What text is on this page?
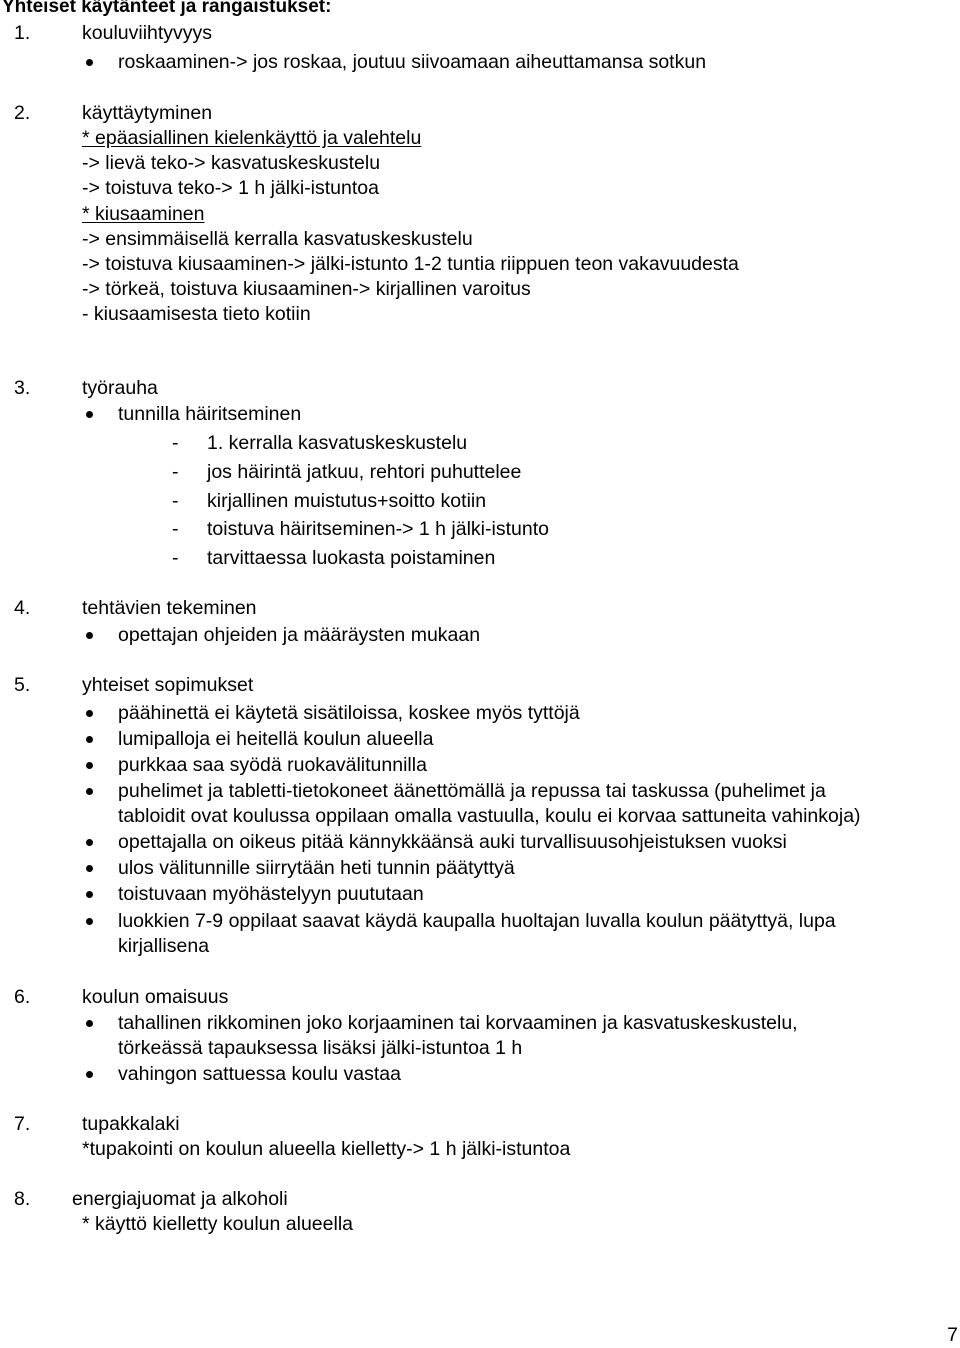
Yhteiset käytänteet ja rangaistukset:
1.	kouluviihtyvyys
roskaaminen-> jos roskaa, joutuu siivoamaan aiheuttamansa sotkun
2.	käyttäytyminen
* epäasiallinen kielenkäyttö ja valehtelu
-> lievä teko-> kasvatuskeskustelu
-> toistuva teko-> 1 h jälki-istuntoa
* kiusaaminen
-> ensimmäisellä kerralla kasvatuskeskustelu
-> toistuva kiusaaminen-> jälki-istunto 1-2 tuntia riippuen teon vakavuudesta
-> törkeä, toistuva kiusaaminen-> kirjallinen varoitus
- kiusaamisesta tieto kotiin
3.	työrauha
tunnilla häiritseminen
- 1. kerralla kasvatuskeskustelu
- jos häirintä jatkuu, rehtori puhuttelee
- kirjallinen muistutus+soitto kotiin
- toistuva häiritseminen-> 1 h jälki-istunto
- tarvittaessa luokasta poistaminen
4.	tehtävien tekeminen
opettajan ohjeiden ja määräysten mukaan
5.	yhteiset sopimukset
päähinettä ei käytetä sisätiloissa, koskee myös tyttöjä
lumipalloja ei heitellä koulun alueella
purkkaa saa syödä ruokavälitunnilla
puhelimet ja tabletti-tietokoneet äänettömällä ja repussa tai taskussa (puhelimet ja
tabloidit ovat koulussa oppilaan omalla vastuulla, koulu ei korvaa sattuneita vahinkoja)
opettajalla on oikeus pitää kännykkäänsä auki turvallisuusohjeistuksen vuoksi
ulos välitunnille siirrytään heti tunnin päätyttyä
toistuvaan myöhästelyyn puututaan
luokkien 7-9 oppilaat saavat käydä kaupalla huoltajan luvalla koulun päätyttyä, lupa
kirjallisena
6.	koulun omaisuus
tahallinen rikkominen joko korjaaminen tai korvaaminen ja kasvatuskeskustelu,
törkeässä tapauksessa lisäksi jälki-istuntoa 1 h
vahingon sattuessa koulu vastaa
7.	tupakkalaki
*tupakointi on koulun alueella kielletty-> 1 h jälki-istuntoa
8. energiajuomat ja alkoholi
* käyttö kielletty koulun alueella
7
